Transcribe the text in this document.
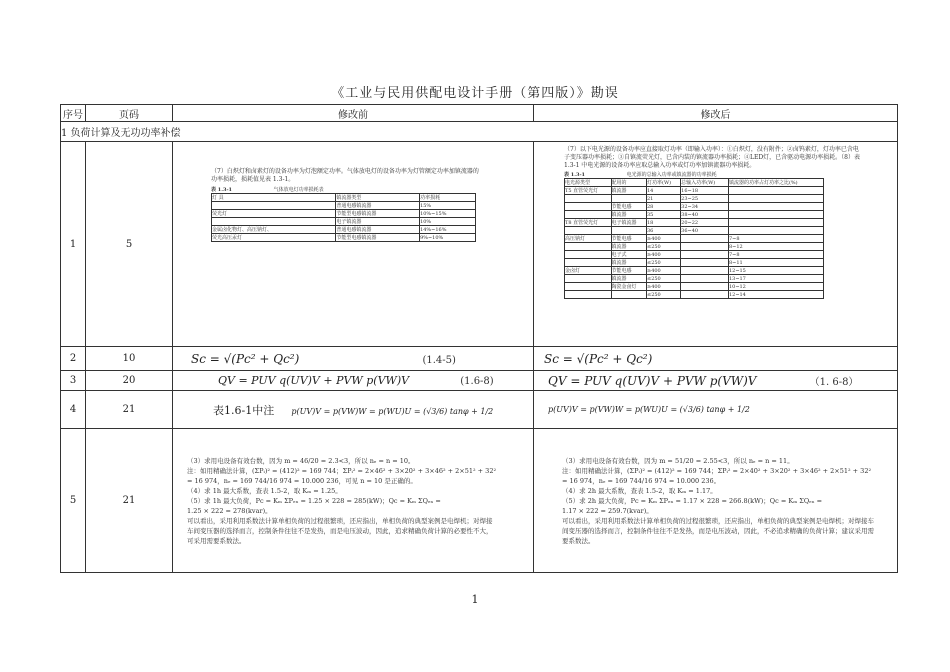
《工业与民用供配电设计手册（第四版）》勘误
序号	页码	修改前	修改后
1 负荷计算及无功功率补偿
1	5	
（7）白炽灯和卤素灯的设备功率为灯泡额定功率。气体放电灯的设备功率为灯管额定功率加镇流器的功率损耗，损耗值见表 1.3-1。
表 1.3-1	气体放电灯功率损耗表
灯 具	镇流器类型	功率损耗
	普通电感镇流器	15%
荧光灯	节能型电感镇流器	10%~15%
	电子镇流器	10%
金属卤化物灯、高压钠灯、	普通电感镇流器	14%~16%
荧光高压汞灯	节能型电感镇流器	9%~10%

（7）以下电光源的设备功率应直接取灯功率（即输入功率）：①白炽灯，没有附件；②卤钨素灯，灯功率已含电子变压器功率损耗；③自镇流荧光灯，已含内装的镇流器功率损耗；④LED灯，已含驱动电源功率损耗。（8）表 1.3-1 中电光源的设备功率应取总输入功率或灯功率加镇流器功率损耗。
表 1.3-1	电光源的总输入功率或镇流器的功率损耗
电光源类型	配用的	灯功率(W)	总输入功率(W)	镇流器的功率占灯功率之比(%)
T5 直管荧光灯	镇流器	14	16~18	
		21	23~25	
	节能电感	28	32~34	
	镇流器	35	38~40	
T8 直管荧光灯	电子镇流器	18	20~22	
		36	36~40	
高压钠灯	节能电感	≥400		7~8
	镇流器	≤250		8~12
	电子式	≥400		7~8
	镇流器	≤250		8~11
金卤灯	节能电感	≥400		12~15
	镇流器	≤250		13~17
	陶瓷金卤灯	≥400		10~12
		≤250		12~14

2	10	Sc = √(Pc² + Qc²)	(1.4-5)	Sc = √(Pc² + Qc²)
3	20	QV = PUV q(UV)V + PVW p(VW)V	(1.6-8)	QV = PUV q(UV)V + PVW p(VW)V	（1. 6-8）
4	21	表1.6-1中注 p(UV)V = p(VW)W = p(WU)U = (√3/6) tanφ + 1/2	p(UV)V = p(VW)W = p(WU)U = (√3/6) tanφ + 1/2
5	21	
（3）求用电设备有效台数，因为 m = 46/20 = 2.3<3，所以 nₑ = n = 10。
注：如用精确法计算，(ΣPᵢ)² = (412)² = 169 744；ΣPᵢ² = 2×46² + 3×20² + 3×46² + 2×51² + 32²
= 16 974，nₑ = 169 744/16 974 = 10.000 236，可见 n = 10 是正确的。
（4）求 1h 最大系数，查表 1.5-2，取 Kₘ = 1.25。
（5）求 1h 最大负荷，Pc = Kₘ ΣPₑₙ = 1.25 × 228 = 285(kW)；Qc = Kₘ ΣQₑₙ =
1.25 × 222 = 278(kvar)。
可以看出，采用利用系数法计算单相负荷的过程很繁琐，还应指出，单相负荷的典型案例是电焊机；对焊接车间变压器的选择而言，控制条件往往不是发热，而是电压波动，因此，追求精确负荷计算的必要性不大，可采用需要系数法。

（3）求用电设备有效台数，因为 m = 51/20 = 2.55<3，所以 nₑ = n = 11。
注：如用精确法计算，(ΣPᵢ)² = (412)² = 169 744；ΣPᵢ² = 2×40² + 3×20² + 3×46² + 2×51² + 32²
= 16 974，nₑ = 169 744/16 974 = 10.000 236。
（4）求 2h 最大系数，查表 1.5-2，取 Kₘ = 1.17。
（5）求 2h 最大负荷，Pc = Kₘ ΣPₑₙ = 1.17 × 228 = 266.8(kW)；Qc = Kₘ ΣQₑₙ =
1.17 × 222 = 259.7(kvar)。
可以看出，采用利用系数法计算单相负荷的过程很繁琐，还应指出，单相负荷的典型案例是电焊机；对焊接车间变压器的选择而言，控制条件往往不是发热，而是电压波动，因此，不必追求精确的负荷计算；建议采用需要系数法。
1
